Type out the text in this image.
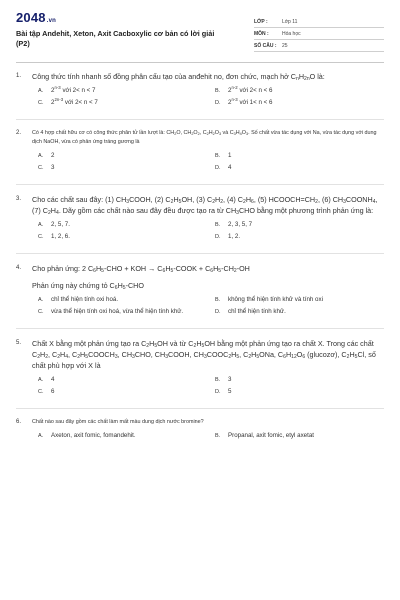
2048.vn
Bài tập Andehit, Xeton, Axit Cacboxylic cơ bản có lời giải
(P2)
LỚP :	Lớp 11
MÔN :	Hóa học
SỐ CÂU :	25
1. Công thức tính nhanh số đồng phân cấu tạo của anđehit no, đơn chức, mạch hở $C_nH_{2n}O$ là:
A.	2$^{n-3}$ với 2< n < 7	B.	2$^{n-2}$ với 2< n < 6
C.	$2^{2n-3}$ với 2< n < 7	D.	2$^{n-3}$ với 1< n < 6
2. Có 4 hợp chất hữu cơ có công thức phân tử lần lượt là: $CH_2O$, $CH_2O_2$, $C_2H_2O_3$ và $C_3H_4O_3$. Số chất vừa tác dụng với Na, vừa tác dụng với dung dịch NaOH, vừa có phản ứng tráng gương là
A.	2	B.	1
C.	3	D.	4
3. Cho các chất sau đây: (1) $CH_3COOH$, (2) $C_2H_5OH$, (3) $C_2H_2$, (4) $C_2H_6$, (5) $HCOOCH=CH_2$, (6) $CH_3COONH_4$, (7) $C_2H_4$. Dãy gồm các chất nào sau đây đều được tạo ra từ $CH_3CHO$ bằng một phương trình phản ứng là:
A.	2, 5, 7.	B.	2, 3, 5, 7
C.	1, 2, 6.	D.	1, 2.
4. Cho phản ứng: 2 $C_6H_5$-CHO + KOH → $C_6H_5$-COOK + $C_6H_5-CH_2-OH$
Phản ứng này chứng tỏ $C_6H_5$-CHO
A.	chỉ thể hiện tính oxi hoá.	B.	không thể hiện tính khử và tính oxi
C.	vừa thể hiện tính oxi hoá, vừa thể hiện tính khử.	D.	chỉ thể hiện tính khử.
5. Chất X bằng một phản ứng tạo ra $C_2H_5OH$ và từ $C_2H_5OH$ bằng một phản ứng tạo ra chất X. Trong các chất $C_2H_2$, $C_2H_4$, $C_2H_5COOCH_3$, $CH_3CHO$, $CH_3COOH$, $CH_3COOC_2H_5$, $C_2H_5ONa$, $C_6H_{12}O_6$ (glucozơ), $C_2H_5Cl$, số chất phù hợp với X là
A.	4	B.	3
C.	6	D.	5
6. Chất nào sau đây gồm các chất làm mất màu dung dịch nước bromine?
A.	Axeton, axit fomic, fomandehit.	B.	Propanal, axit fomic, etyl axetat
